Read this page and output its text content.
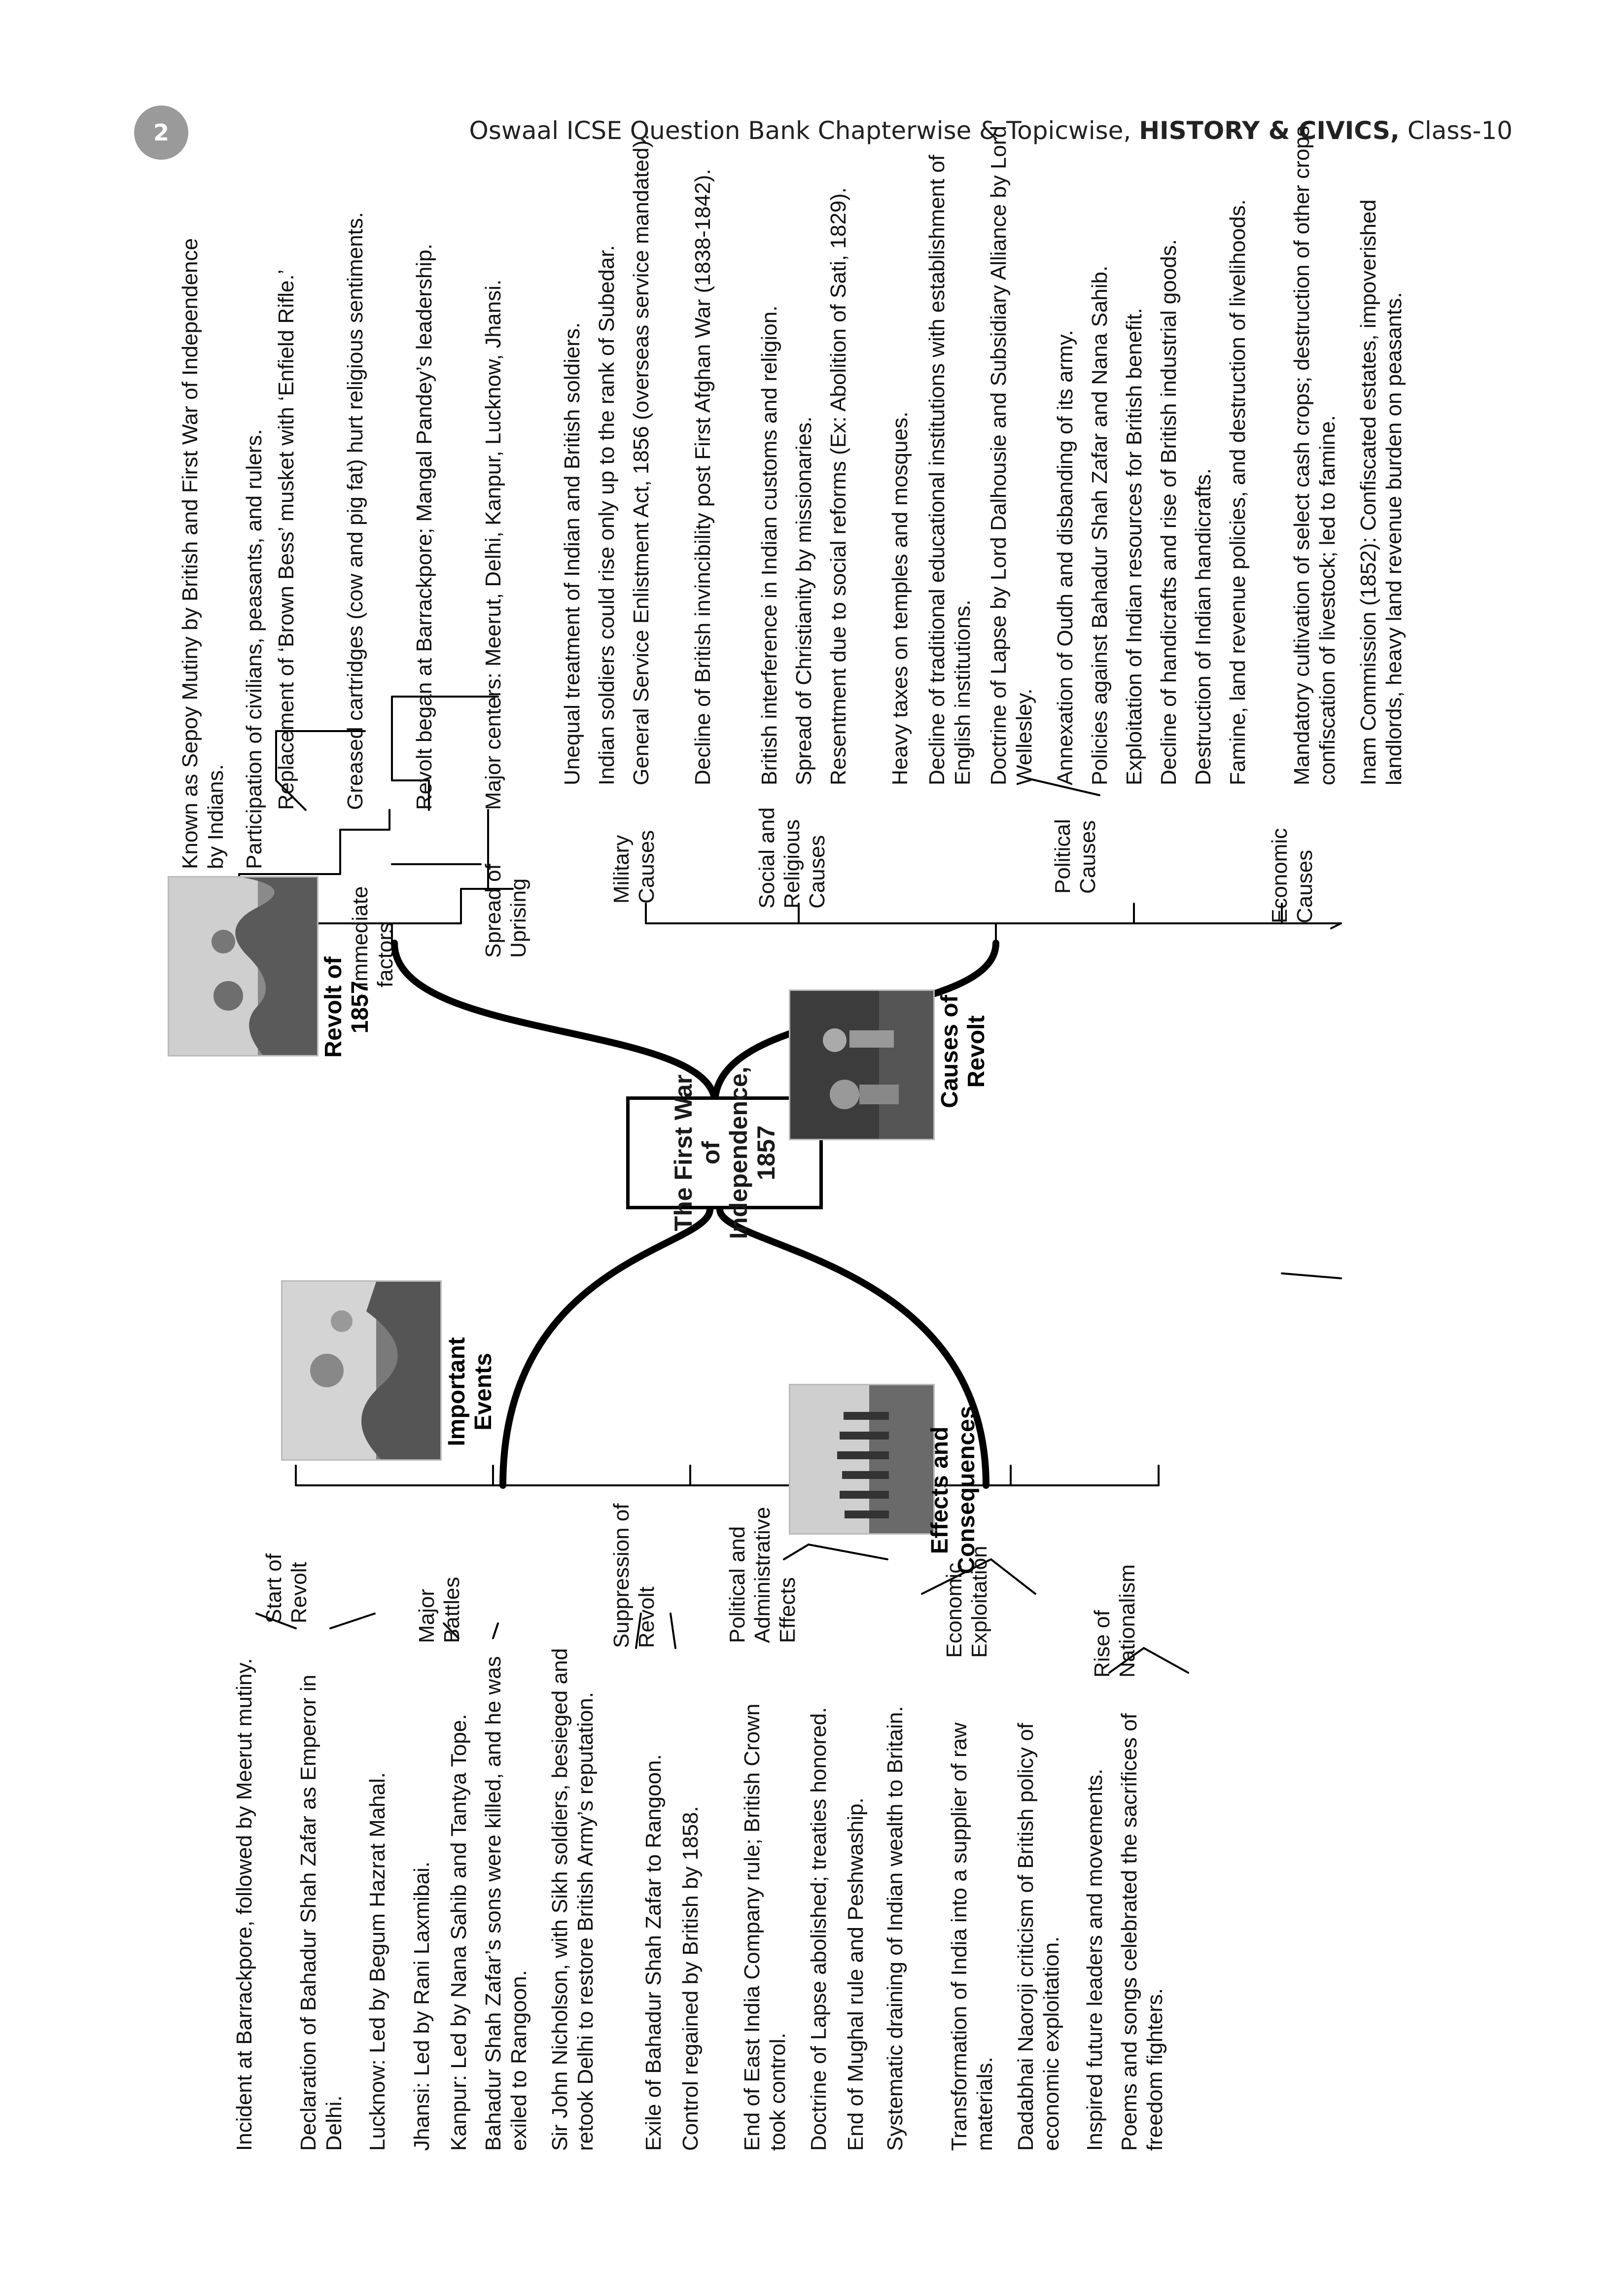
2	Oswaal ICSE Question Bank Chapterwise & Topicwise, HISTORY & CIVICS, Class-10
The First War of Independence, 1857
Revolt of 1857	Causes of Revolt
Important Events
Effects and Consequences
Known as Sepoy Mutiny by British and First War of Independence by Indians. Participation of civilians, peasants, and rulers.
Immediate factors
Replacement of ‘Brown Bess’ musket with ‘Enfield Rifle.’ Greased cartridges (cow and pig fat) hurt religious sentiments. Revolt began at Barrackpore; Mangal Pandey’s leadership.
Spread of Uprising
Major centers: Meerut, Delhi, Kanpur, Lucknow, Jhansi.
Military Causes
Unequal treatment of Indian and British soldiers. Indian soldiers could rise only up to the rank of Subedar. General Service Enlistment Act, 1856 (overseas service mandated). Decline of British invincibility post First Afghan War (1838-1842).
Social and Religious Causes
British interference in Indian customs and religion. Spread of Christianity by missionaries. Resentment due to social reforms (Ex: Abolition of Sati, 1829). Heavy taxes on temples and mosques. Decline of traditional educational institutions with establishment of English institutions.
Political Causes
Doctrine of Lapse by Lord Dalhousie and Subsidiary Alliance by Lord Wellesley. Annexation of Oudh and disbanding of its army. Policies against Bahadur Shah Zafar and Nana Sahib.
Economic Causes
Exploitation of Indian resources for British benefit. Decline of handicrafts and rise of British industrial goods. Destruction of Indian handicrafts. Famine, land revenue policies, and destruction of livelihoods. Mandatory cultivation of select cash crops; destruction of other crops, confiscation of livestock; led to famine. Inam Commission (1852): Confiscated estates, impoverished landlords, heavy land revenue burden on peasants.
Start of Revolt
Incident at Barrackpore, followed by Meerut mutiny. Declaration of Bahadur Shah Zafar as Emperor in Delhi.
Major Battles
Lucknow: Led by Begum Hazrat Mahal. Jhansi: Led by Rani Laxmibai. Kanpur: Led by Nana Sahib and Tantya Tope. Bahadur Shah Zafar’s sons were killed, and he was exiled to Rangoon. Sir John Nicholson, with Sikh soldiers, besieged and retook Delhi to restore British Army’s reputation.
Suppression of Revolt
Exile of Bahadur Shah Zafar to Rangoon. Control regained by British by 1858.
Political and Administrative Effects
End of East India Company rule; British Crown took control. Doctrine of Lapse abolished; treaties honored. End of Mughal rule and Peshwaship.
Economic Exploitation
Systematic draining of Indian wealth to Britain. Transformation of India into a supplier of raw materials. Dadabhai Naoroji criticism of British policy of economic exploitation.
Rise of Nationalism
Inspired future leaders and movements. Poems and songs celebrated the sacrifices of freedom fighters.
